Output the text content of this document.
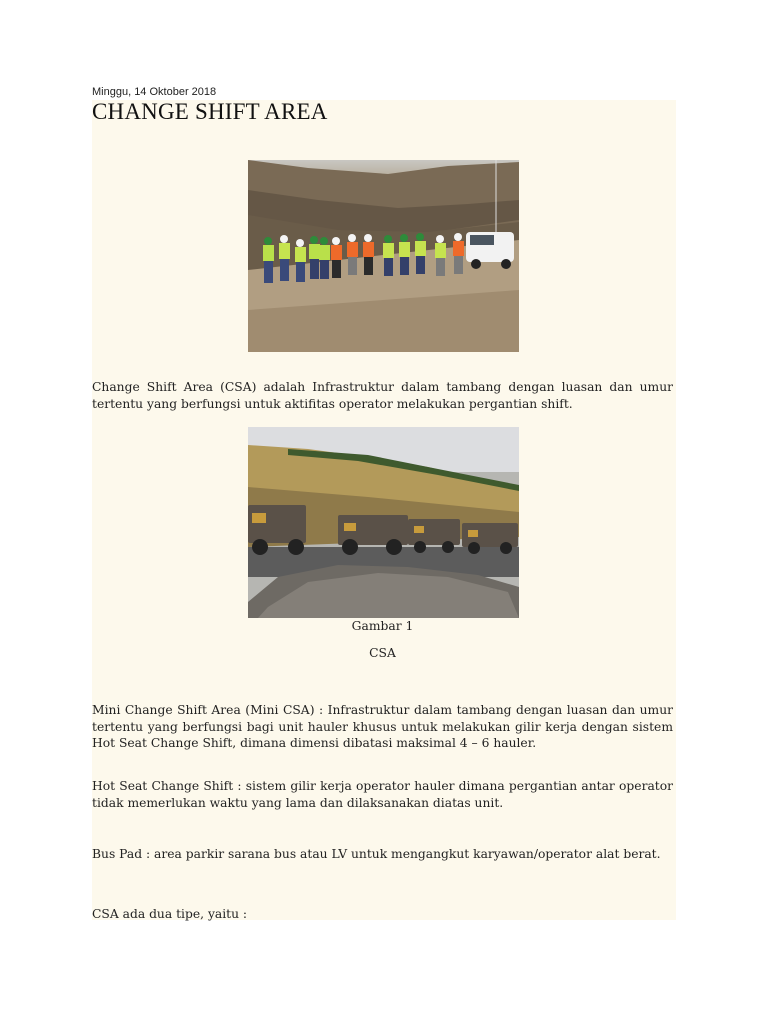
Minggu, 14 Oktober 2018
CHANGE SHIFT AREA

Change Shift Area (CSA) adalah Infrastruktur dalam tambang dengan luasan dan umur tertentu yang berfungsi untuk aktifitas operator melakukan pergantian shift.

Gambar 1
CSA

Mini Change Shift Area (Mini CSA) : Infrastruktur dalam tambang dengan luasan dan umur tertentu yang berfungsi bagi unit hauler khusus untuk melakukan gilir kerja dengan sistem Hot Seat Change Shift, dimana dimensi dibatasi maksimal 4 – 6 hauler.

Hot Seat Change Shift : sistem gilir kerja operator hauler dimana pergantian antar operator tidak memerlukan waktu yang lama dan dilaksanakan diatas unit.

Bus Pad : area parkir sarana bus atau LV untuk mengangkut karyawan/operator alat berat.

CSA ada dua tipe, yaitu :
